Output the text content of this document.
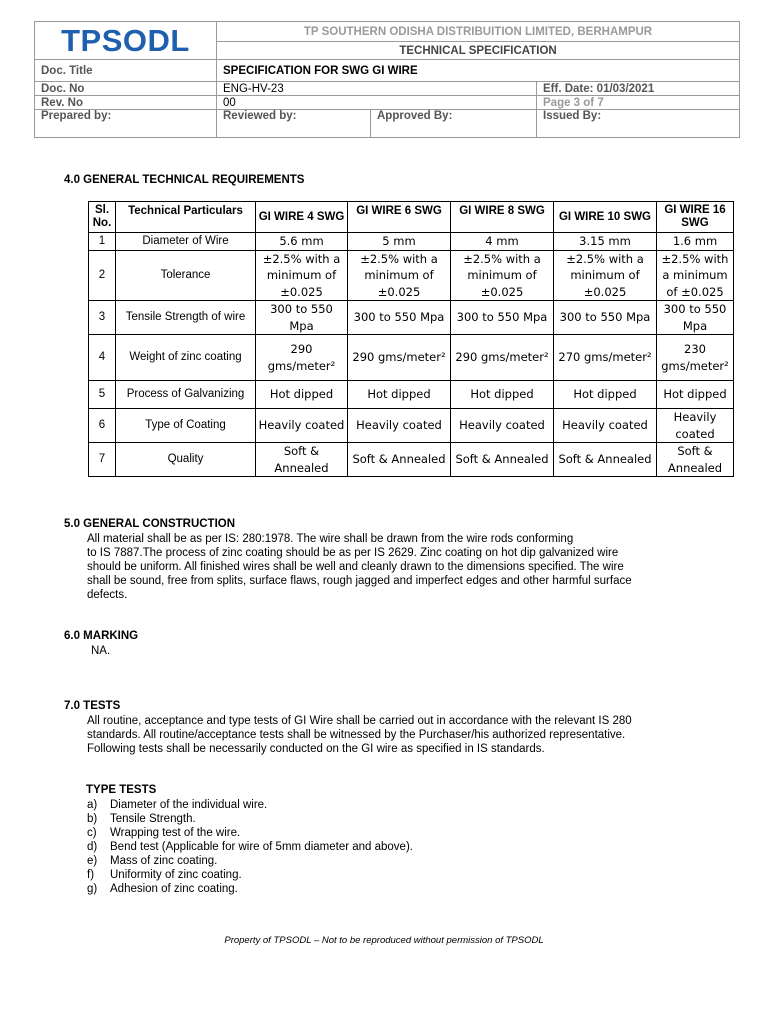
TPSODL	TP SOUTHERN ODISHA DISTRIBUITION LIMITED, BERHAMPUR		
	TECHNICAL SPECIFICATION		
Doc. Title	SPECIFICATION FOR SWG GI WIRE		
Doc. No	ENG-HV-23		Eff. Date: 01/03/2021
Rev. No	00		Page 3 of 7
Prepared by:	Reviewed by:	Approved By:	Issued By:
4.0 GENERAL TECHNICAL REQUIREMENTS
Sl. No.	Technical Particulars	GI WIRE 4 SWG	GI WIRE 6 SWG	GI WIRE 8 SWG	GI WIRE 10 SWG	GI WIRE 16 SWG
1	Diameter of Wire	5.6 mm	5 mm	4 mm	3.15 mm	1.6 mm
2	Tolerance	±2.5% with a minimum of ±0.025	±2.5% with a minimum of ±0.025	±2.5% with a minimum of ±0.025	±2.5% with a minimum of ±0.025	±2.5% with a minimum of ±0.025
3	Tensile Strength of wire	300 to 550 Mpa	300 to 550 Mpa	300 to 550 Mpa	300 to 550 Mpa	300 to 550 Mpa
4	Weight of zinc coating	290 gms/meter²	290 gms/meter²	290 gms/meter²	270 gms/meter²	230 gms/meter²
5	Process of Galvanizing	Hot dipped	Hot dipped	Hot dipped	Hot dipped	Hot dipped
6	Type of Coating	Heavily coated	Heavily coated	Heavily coated	Heavily coated	Heavily coated
7	Quality	Soft & Annealed	Soft & Annealed	Soft & Annealed	Soft & Annealed	Soft & Annealed
5.0 GENERAL CONSTRUCTION
All material shall be as per IS: 280:1978. The wire shall be drawn from the wire rods conforming
to IS 7887.The process of zinc coating should be as per IS 2629. Zinc coating on hot dip galvanized wire
should be uniform. All finished wires shall be well and cleanly drawn to the dimensions specified. The wire
shall be sound, free from splits, surface flaws, rough jagged and imperfect edges and other harmful surface
defects.
6.0 MARKING
NA.
7.0 TESTS
All routine, acceptance and type tests of GI Wire shall be carried out in accordance with the relevant IS 280
standards. All routine/acceptance tests shall be witnessed by the Purchaser/his authorized representative.
Following tests shall be necessarily conducted on the GI wire as specified in IS standards.
TYPE TESTS
a)	Diameter of the individual wire.
b)	Tensile Strength.
c)	Wrapping test of the wire.
d)	Bend test (Applicable for wire of 5mm diameter and above).
e)	Mass of zinc coating.
f)	Uniformity of zinc coating.
g)	Adhesion of zinc coating.
Property of TPSODL – Not to be reproduced without permission of TPSODL
